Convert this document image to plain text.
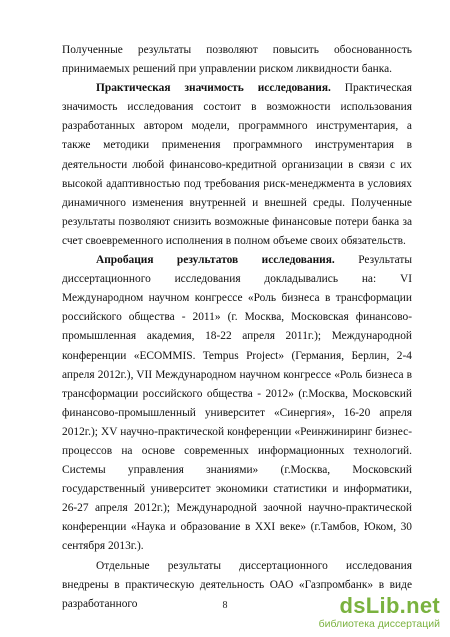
Полученные результаты позволяют повысить обоснованность принимаемых решений при управлении риском ликвидности банка.

Практическая значимость исследования. Практическая значимость исследования состоит в возможности использования разработанных автором модели, программного инструментария, а также методики применения программного инструментария в деятельности любой финансово-кредитной организации в связи с их высокой адаптивностью под требования риск-менеджмента в условиях динамичного изменения внутренней и внешней среды. Полученные результаты позволяют снизить возможные финансовые потери банка за счет своевременного исполнения в полном объеме своих обязательств.

Апробация результатов исследования. Результаты диссертационного исследования докладывались на: VI Международном научном конгрессе «Роль бизнеса в трансформации российского общества - 2011» (г. Москва, Московская финансово-промышленная академия, 18-22 апреля 2011г.); Международной конференции «ECOMMIS. Tempus Project» (Германия, Берлин, 2-4 апреля 2012г.), VII Международном научном конгрессе «Роль бизнеса в трансформации российского общества - 2012» (г.Москва, Московский финансово-промышленный университет «Синергия», 16-20 апреля 2012г.); XV научно-практической конференции «Реинжиниринг бизнес-процессов на основе современных информационных технологий. Системы управления знаниями» (г.Москва, Московский государственный университет экономики статистики и информатики, 26-27 апреля 2012г.); Международной заочной научно-практической конференции «Наука и образование в XXI веке» (г.Тамбов, Юком, 30 сентября 2013г.).

Отдельные результаты диссертационного исследования внедрены в практическую деятельность ОАО «Газпромбанк» в виде разработанного	8	dsLib.net
библиотека диссертаций
